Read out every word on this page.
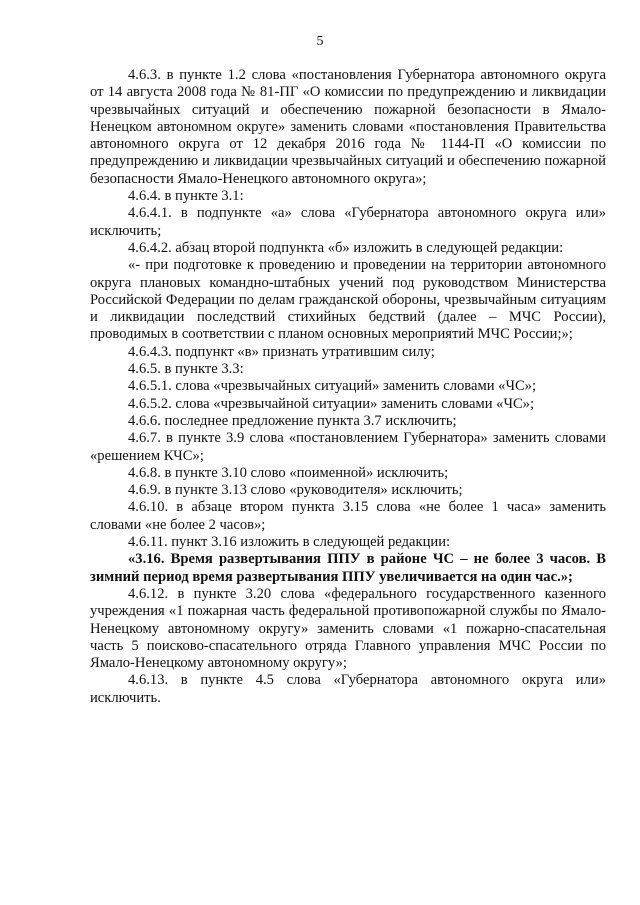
5

4.6.3. в пункте 1.2 слова «постановления Губернатора автономного округа от 14 августа 2008 года № 81-ПГ «О комиссии по предупреждению и ликвидации чрезвычайных ситуаций и обеспечению пожарной безопасности в Ямало-Ненецком автономном округе» заменить словами «постановления Правительства автономного округа от 12 декабря 2016 года № 1144-П «О комиссии по предупреждению и ликвидации чрезвычайных ситуаций и обеспечению пожарной безопасности Ямало-Ненецкого автономного округа»;

4.6.4. в пункте 3.1:

4.6.4.1. в подпункте «а» слова «Губернатора автономного округа или» исключить;

4.6.4.2. абзац второй подпункта «б» изложить в следующей редакции:

«- при подготовке к проведению и проведении на территории автономного округа плановых командно-штабных учений под руководством Министерства Российской Федерации по делам гражданской обороны, чрезвычайным ситуациям и ликвидации последствий стихийных бедствий (далее – МЧС России), проводимых в соответствии с планом основных мероприятий МЧС России;»;

4.6.4.3. подпункт «в» признать утратившим силу;

4.6.5. в пункте 3.3:

4.6.5.1. слова «чрезвычайных ситуаций» заменить словами «ЧС»;

4.6.5.2. слова «чрезвычайной ситуации» заменить словами «ЧС»;

4.6.6. последнее предложение пункта 3.7 исключить;

4.6.7. в пункте 3.9 слова «постановлением Губернатора» заменить словами «решением КЧС»;

4.6.8. в пункте 3.10 слово «поименной» исключить;

4.6.9. в пункте 3.13 слово «руководителя» исключить;

4.6.10. в абзаце втором пункта 3.15 слова «не более 1 часа» заменить словами «не более 2 часов»;

4.6.11. пункт 3.16 изложить в следующей редакции:

«3.16. Время развертывания ППУ в районе ЧС – не более 3 часов. В зимний период время развертывания ППУ увеличивается на один час.»;

4.6.12. в пункте 3.20 слова «федерального государственного казенного учреждения «1 пожарная часть федеральной противопожарной службы по Ямало-Ненецкому автономному округу» заменить словами «1 пожарно-спасательная часть 5 поисково-спасательного отряда Главного управления МЧС России по Ямало-Ненецкому автономному округу»;

4.6.13. в пункте 4.5 слова «Губернатора автономного округа или» исключить.
